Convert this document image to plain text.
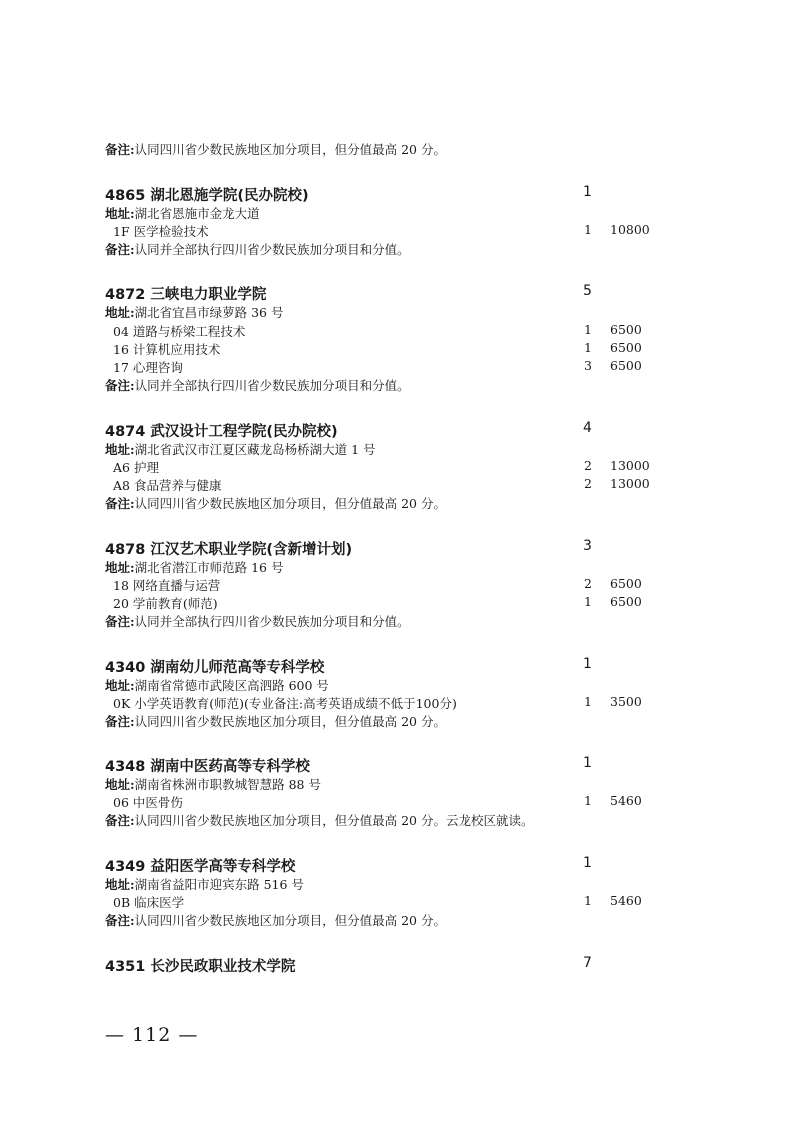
备注:认同四川省少数民族地区加分项目，但分值最高 20 分。
4865 湖北恩施学院(民办院校)	1
地址:湖北省恩施市金龙大道
1F 医学检验技术	1 10800
备注:认同并全部执行四川省少数民族加分项目和分值。
4872 三峡电力职业学院	5
地址:湖北省宜昌市绿萝路 36 号
04 道路与桥梁工程技术	1 6500
16 计算机应用技术	1 6500
17 心理咨询	3 6500
备注:认同并全部执行四川省少数民族加分项目和分值。
4874 武汉设计工程学院(民办院校)	4
地址:湖北省武汉市江夏区藏龙岛杨桥湖大道 1 号
A6 护理	2 13000
A8 食品营养与健康	2 13000
备注:认同四川省少数民族地区加分项目，但分值最高 20 分。
4878 江汉艺术职业学院(含新增计划)	3
地址:湖北省潜江市师范路 16 号
18 网络直播与运营	2 6500
20 学前教育(师范)	1 6500
备注:认同并全部执行四川省少数民族加分项目和分值。
4340 湖南幼儿师范高等专科学校	1
地址:湖南省常德市武陵区高泗路 600 号
0K 小学英语教育(师范)(专业备注:高考英语成绩不低于100分)	1 3500
备注:认同四川省少数民族地区加分项目，但分值最高 20 分。
4348 湖南中医药高等专科学校	1
地址:湖南省株洲市职教城智慧路 88 号
06 中医骨伤	1 5460
备注:认同四川省少数民族地区加分项目，但分值最高 20 分。云龙校区就读。
4349 益阳医学高等专科学校	1
地址:湖南省益阳市迎宾东路 516 号
0B 临床医学	1 5460
备注:认同四川省少数民族地区加分项目，但分值最高 20 分。
4351 长沙民政职业技术学院	7
— 112 —
